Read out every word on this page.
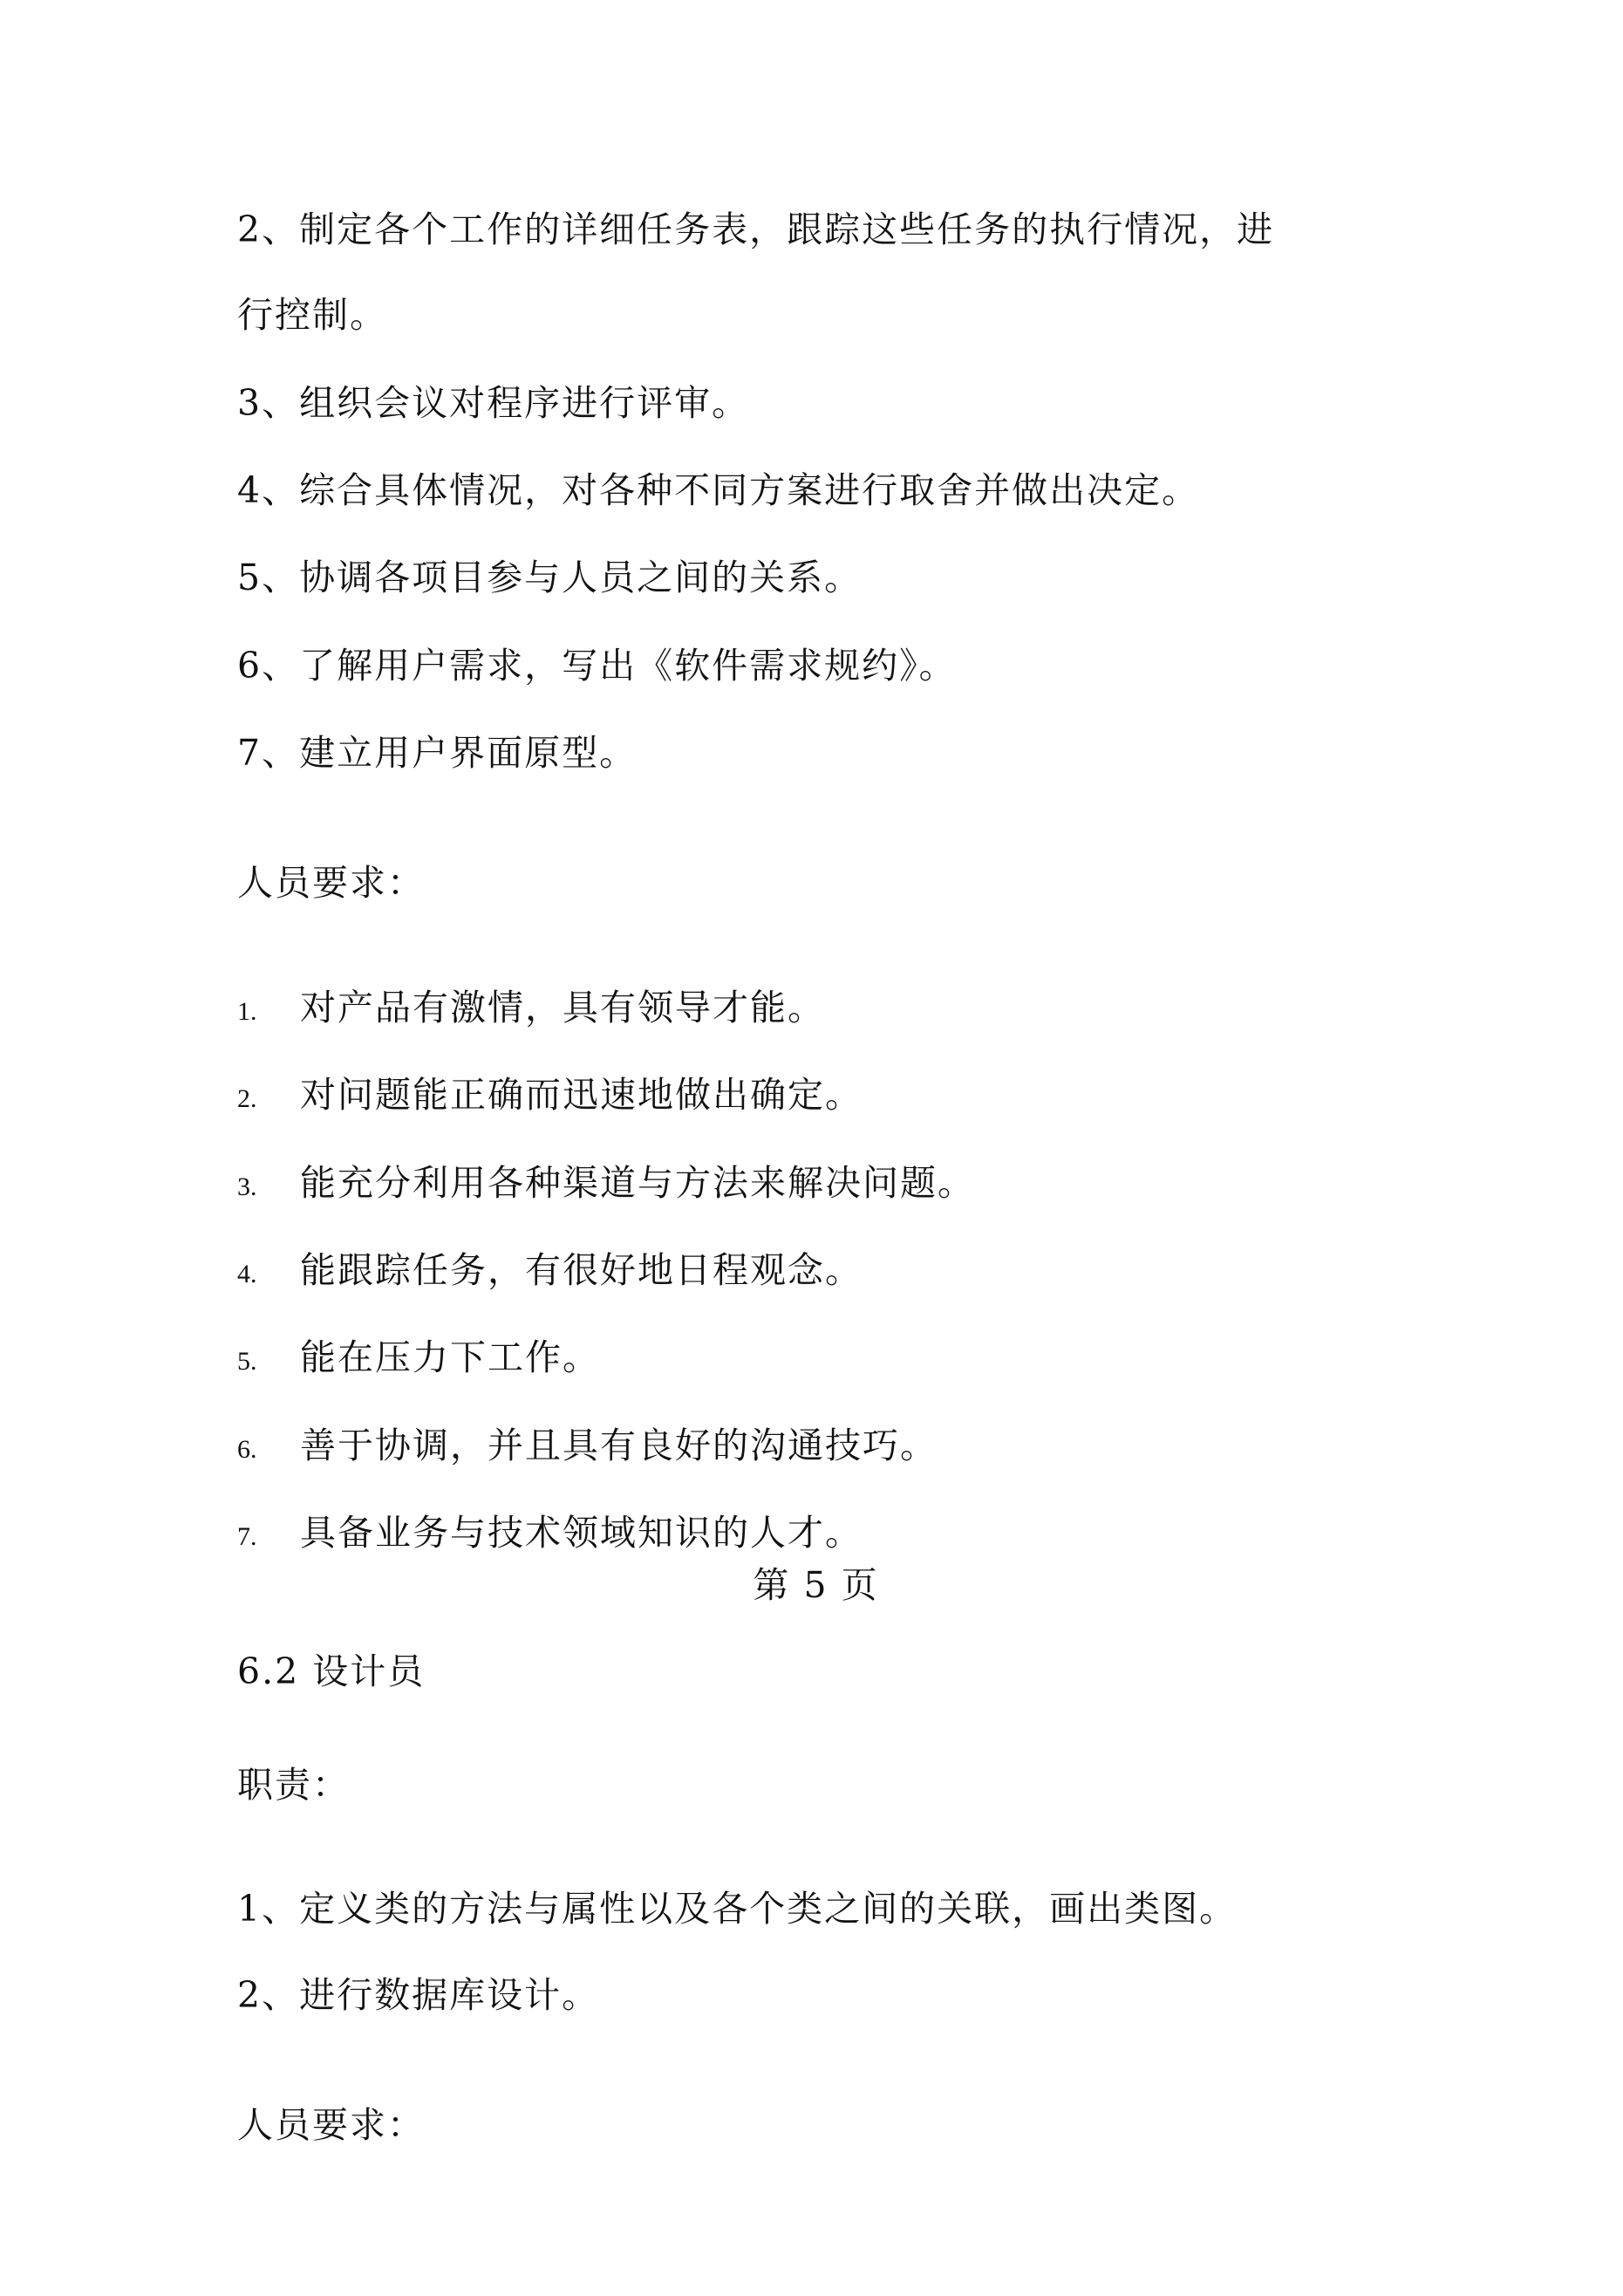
2、制定各个工作的详细任务表，跟踪这些任务的执行情况，进
行控制。
3、组织会议对程序进行评审。
4、综合具体情况，对各种不同方案进行取舍并做出决定。
5、协调各项目参与人员之间的关系。
6、了解用户需求，写出《软件需求规约》。
7、建立用户界面原型。
人员要求：
1. 对产品有激情，具有领导才能。
2. 对问题能正确而迅速地做出确定。
3. 能充分利用各种渠道与方法来解决问题。
4. 能跟踪任务，有很好地日程观念。
5. 能在压力下工作。
6. 善于协调，并且具有良好的沟通技巧。
7. 具备业务与技术领域知识的人才。
第 5 页
6.2 设计员
职责：
1、定义类的方法与属性以及各个类之间的关联，画出类图。
2、进行数据库设计。
人员要求：
